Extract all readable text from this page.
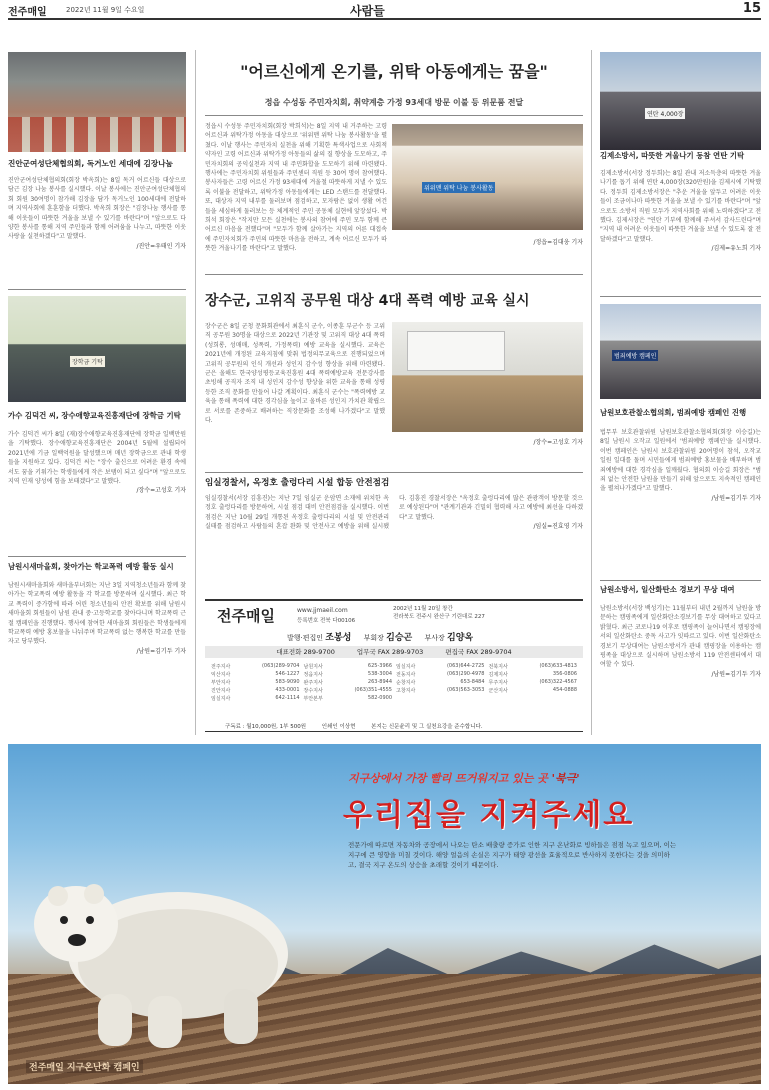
전주매일	2022년 11월 9일 수요일	사람들	15
진안군여성단체협의회, 독거노인 세대에 김장나눔
진안군여성단체협의회(회장 박옥희)는 8일 독거 어르신들 대상으로 담근 김장 나눔 봉사를 실시했다. 이날 봉사에는 진안군여성단체협의회 회원 30여명이 참가해 김장을 담가 독거노인 100세대에 전달하며 지역사회에 훈훈함을 더했다. 박옥희 회장은 "김장나눔 행사를 통해 이웃들이 따뜻한 겨울을 보낼 수 있기를 바란다"며 "앞으로도 다양한 봉사를 통해 지역 주민들과 함께 어려움을 나누고, 따뜻한 이웃 사랑을 실천하겠다"고 말했다.
/진안=우태인 기자
장학금 기탁
가수 김덕건 씨, 장수애향교육진흥재단에 장학금 기탁
가수 김덕건 씨가 8일 (재)장수애향교육진흥재단에 장학금 일백만원을 기탁했다. 장수애향교육진흥재단은 2004년 5월에 설립되어 2021년에 기금 일백억원을 달성했으며 매년 장학금으로 관내 학생들을 지원하고 있다. 김덕건 씨는 "장수 출신으로 어려운 환경 속에서도 꿈을 키워가는 학생들에게 작은 보탬이 되고 싶다"며 "앞으로도 지역 인재 양성에 힘을 보태겠다"고 말했다.
/장수=고성호 기자
남원시새마을회, 찾아가는 학교폭력 예방 활동 실시
남원시새마을회와 새마을부녀회는 지난 3일 지역청소년들과 함께 찾아가는 학교폭력 예방 활동을 각 학교를 방문하며 실시했다. 최근 학교 폭력이 증가함에 따라 어린 청소년들의 안전 확보를 위해 남원시새마을회 회원들이 남원 관내 중·고등학교를 찾아다니며 학교폭력 근절 캠페인을 진행했다. 행사에 참여한 새마을회 회원들은 학생들에게 학교폭력 예방 홍보물을 나눠주며 학교폭력 없는 행복한 학교를 만들자고 당부했다.
/남원=김기두 기자
"어르신에게 온기를, 위탁 아동에게는 꿈을"
정읍 수성동 주민자치회, 취약계층 가정 93세대 방문 이불 등 위문품 전달
정읍시 수성동 주민자치회(회장 박희석)는 8일 지역 내 거주하는 고령 어르신과 위탁가정 아동을 대상으로 '위위맨 위탁 나눔 봉사활동'을 펼쳤다. 이날 행사는 주민자치 실천을 위해 기획한 특색사업으로 사회적 약자인 고령 어르신과 위탁가정 아동들의 삶의 질 향상을 도모하고, 주민자치회의 공익실천과 지역 내 주민화합을 도모하기 위해 마련됐다. 행사에는 주민자치회 위원들과 주민센터 직원 등 30여 명이 참여했다. 봉사자들은 고령 어르신 가정 93세대에 겨울철 따뜻하게 지낼 수 있도록 이불을 전달하고, 위탁가정 아동들에게는 LED 스탠드를 전달했다. 또, 대상자 지역 내부를 둘러보며 점검하고, 모자람은 없이 생활 여건들을 세심하게 둘러보는 등 체계적인 주민 공동체 실현에 앞장섰다. 박희석 회장은 "작지만 모든 실천에는 봉사의 참여에 주민 모두 함께 큰 어르신 마음을 전했다"며 "모두가 함께 살아가는 지역의 어른 대접속에 주민자치회가 주민의 따뜻한 마음을 전하고, 계속 어르신 모두가 따뜻한 겨울나기를 바란다"고 말했다.
위위맨 위탁 나눔 봉사활동
/정읍=김대웅 기자
장수군, 고위직 공무원 대상 4대 폭력 예방 교육 실시
장수군은 8일 군청 문화회관에서 최훈식 군수, 이종훈 부군수 등 고위직 공무원 30명을 대상으로 2022년 기관장 및 고위직 대상 4대 폭력(성희롱, 성매매, 성폭력, 가정폭력) 예방 교육을 실시했다. 교육은 2021년에 개정된 교육지침에 맞춰 법정의무교육으로 진행되었으며 고위직 공무원의 인식 개선과 성인지 감수성 향상을 위해 마련됐다. 군은 올해도 한국양성평등교육진흥원 4대 폭력예방교육 전문강사를 초빙해 공직자 조직 내 성인지 감수성 향상을 위한 교육을 통해 성평등한 조직 문화를 만들어 나갈 계획이다. 최훈식 군수는 "폭력예방 교육을 통해 폭력에 대한 경각심을 높이고 올바른 성인지 가치관 확립으로 서로를 존중하고 배려하는 직장문화를 조성해 나가겠다"고 말했다.
/장수=고성호 기자
임실경찰서, 옥정호 출렁다리 시설 합동 안전점검
임실경찰서(서장 김흥진)는 지난 7일 임실군 운암면 소재에 위치한 옥정호 출렁다리를 방문하여, 시설 점검 대비 안전점검을 실시했다. 이번 점검은 지난 10월 29일 개통된 옥정호 출렁다리의 시설 및 안전관리 실태를 점검하고 사람들의 혼잡 완화 및 안전사고 예방을 위해 실시됐다. 김흥진 경찰서장은 "옥정호 출렁다리에 많은 관광객이 방문할 것으로 예상된다"며 "관계기관과 긴밀히 협력해 사고 예방에 최선을 다하겠다"고 말했다.
/임실=진효영 기자
전주매일	www.jjmaeil.com
등록번호 전북 다00106
2002년 11월 20일 창간
전라북도 전주시 완산구 기린대로 227
발행·편집인 조봉성 부회장 김승곤 부사장 김양옥
대표전화 289-9700	업무국 FAX 289-9703	편집국 FAX 289-9704
전주지사	(063)289-9704 남원지사	625-3966 임실지사	(063)644-2725 전북지사	(063)633-4813
익산지사	546-1227 정읍지사	538-3004 전동지사	(063)290-4978 김제지사	356-0806
부안지사	583-9090 완주지사	263-8944 순창지사	653-8484 무주지사	(063)322-4567
진안지사	433-0001 장수지사	(063)351-4555 고창지사	(063)563-3053 군산지사	454-0888
임실지사	642-1114 부안본부	582-0900
구독료 : 월10,000원, 1부 500원	인쇄인 이상현	본지는 신문윤리 및 그 실천요강을 준수합니다.
연탄 4,000장
김제소방서, 따뜻한 겨울나기 동참 연탄 기탁
김제소방서(서장 정두희)는 8일 관내 저소득층의 따뜻한 겨울나기를 돕기 위해 연탄 4,000장(320만원)을 김제시에 기탁했다. 정두희 김제소방서장은 "추운 겨울을 앞두고 어려운 이웃들이 조금이나마 따뜻한 겨울을 보낼 수 있기를 바란다"며 "앞으로도 소방서 직원 모두가 지역사회를 위해 노력하겠다"고 전했다. 김제시장은 "연탄 기부에 함께해 주셔서 감사드린다"며 "지역 내 어려운 이웃들이 따뜻한 겨울을 보낼 수 있도록 잘 전달하겠다"고 말했다.
/김제=유노희 기자
범죄예방 캠페인
남원보호관찰소협의회, 범죄예방 캠페인 진행
법무부 보호관찰위원 남원보호관찰소협의회(회장 이승길)는 8일 남원시 오작교 일원에서 '범죄예방 캠페인'을 실시했다. 이번 캠페인은 남원시 보호관찰위원 20여명이 참석, 오작교 일원 일대를 돌며 시민들에게 범죄예방 홍보물을 배부하며 범죄예방에 대한 경각심을 일깨웠다. 협의회 이승길 회장은 "범죄 없는 안전한 남원을 만들기 위해 앞으로도 지속적인 캠페인을 펼쳐나가겠다"고 말했다.
/남원=김기두 기자
남원소방서, 일산화탄소 경보기 무상 대여
남원소방서(서장 백성기)는 11월부터 내년 2월까지 남원을 방문하는 캠핑족에게 일산화탄소경보기를 무상 대여하고 있다고 밝혔다. 최근 코로나19 이후로 캠핑족이 늘어나면서 캠핑장에서의 일산화탄소 중독 사고가 잇따르고 있다. 이번 일산화탄소경보기 무상대여는 남원소방서가 관내 캠핑장을 이용하는 캠핑족을 대상으로 실시하며 남원소방서 119 안전센터에서 대여할 수 있다.
/남원=김기두 기자
지구상에서 가장 빨리 뜨거워지고 있는 곳 '북극'
우리집을 지켜주세요
전문가에 따르면 자동차와 공장에서 나오는 탄소 배출량 증가로 인한 지구 온난화로 빙하들은 점점 녹고 있으며, 이는 지구에 큰 영향을 미칠 것이다. 해양 얼음의 손실은 지구가 태양 광선을 효율적으로 반사하지 못한다는 것을 의미하고, 결국 지구 온도의 상승을 초래할 것이기 때문이다.
전주매일 지구온난화 캠페인
